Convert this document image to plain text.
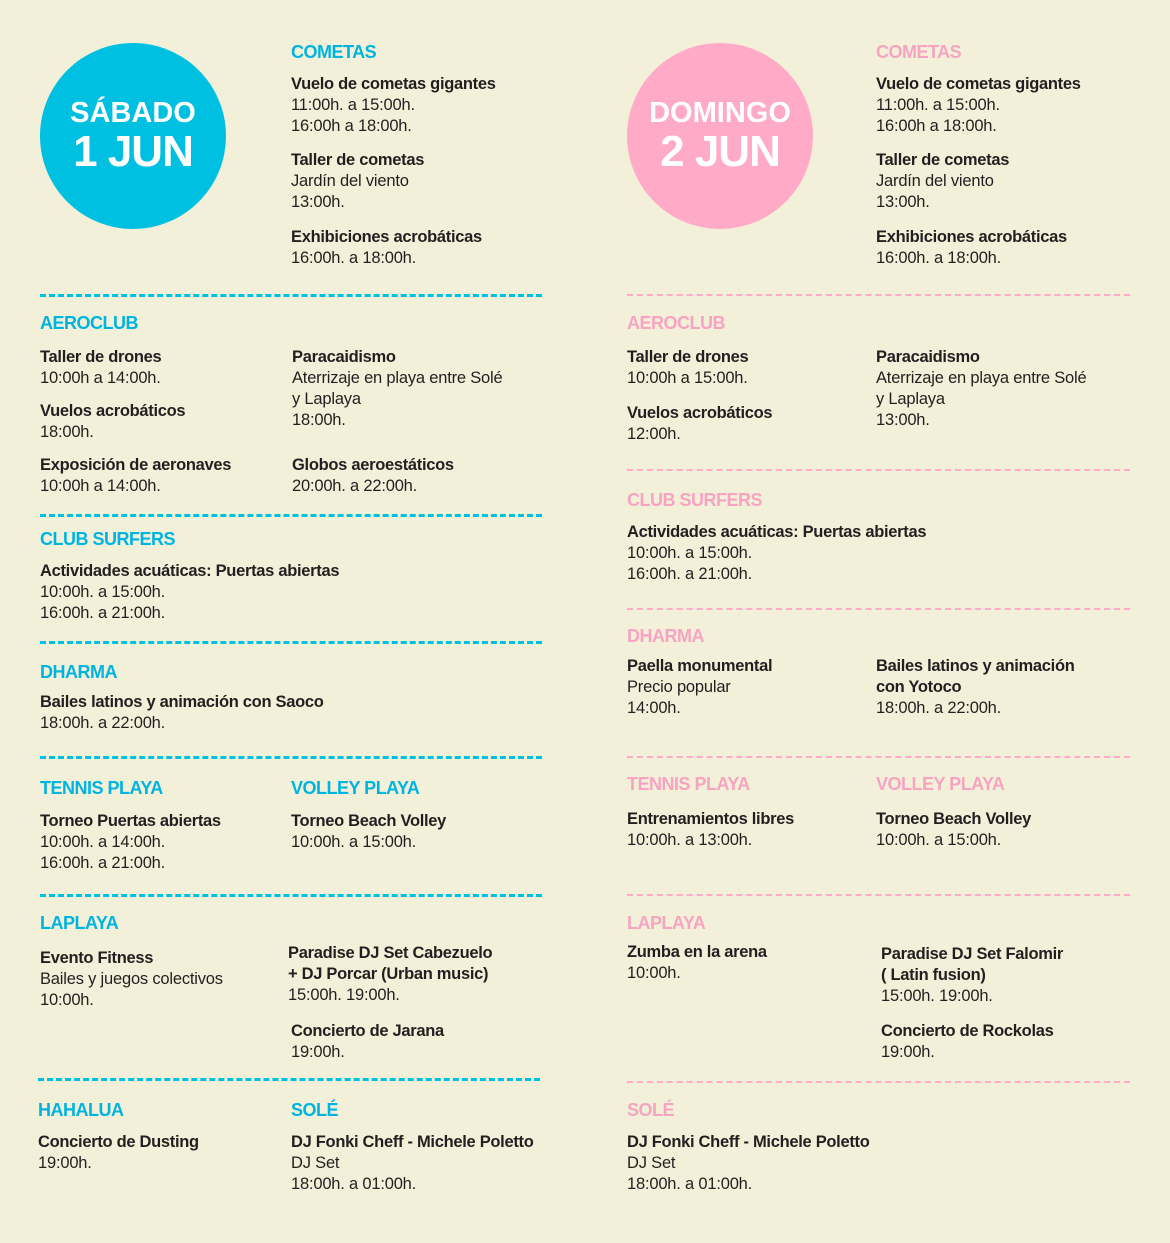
SÁBADO
1 JUN
COMETAS
Vuelo de cometas gigantes
11:00h. a 15:00h.
16:00h a 18:00h.
Taller de cometas
Jardín del viento
13:00h.
Exhibiciones acrobáticas
16:00h. a 18:00h.
AEROCLUB
Taller de drones
10:00h a 14:00h.
Vuelos acrobáticos
18:00h.
Exposición de aeronaves
10:00h a 14:00h.
Paracaidismo
Aterrizaje en playa entre Solé
y Laplaya
18:00h.
Globos aeroestáticos
20:00h. a 22:00h.
CLUB SURFERS
Actividades acuáticas: Puertas abiertas
10:00h. a 15:00h.
16:00h. a 21:00h.
DHARMA
Bailes latinos y animación con Saoco
18:00h. a 22:00h.
TENNIS PLAYA
Torneo Puertas abiertas
10:00h. a 14:00h.
16:00h. a 21:00h.
VOLLEY PLAYA
Torneo Beach Volley
10:00h. a 15:00h.
LAPLAYA
Evento Fitness
Bailes y juegos colectivos
10:00h.
Paradise DJ Set Cabezuelo
+ DJ Porcar (Urban music)
15:00h. 19:00h.
Concierto de Jarana
19:00h.
HAHALUA
Concierto de Dusting
19:00h.
SOLÉ
DJ Fonki Cheff - Michele Poletto
DJ Set
18:00h. a 01:00h.
DOMINGO
2 JUN
COMETAS
Vuelo de cometas gigantes
11:00h. a 15:00h.
16:00h a 18:00h.
Taller de cometas
Jardín del viento
13:00h.
Exhibiciones acrobáticas
16:00h. a 18:00h.
AEROCLUB
Taller de drones
10:00h a 15:00h.
Vuelos acrobáticos
12:00h.
Paracaidismo
Aterrizaje en playa entre Solé
y Laplaya
13:00h.
CLUB SURFERS
Actividades acuáticas: Puertas abiertas
10:00h. a 15:00h.
16:00h. a 21:00h.
DHARMA
Paella monumental
Precio popular
14:00h.
Bailes latinos y animación
con Yotoco
18:00h. a 22:00h.
TENNIS PLAYA
Entrenamientos libres
10:00h. a 13:00h.
VOLLEY PLAYA
Torneo Beach Volley
10:00h. a 15:00h.
LAPLAYA
Zumba en la arena
10:00h.
Paradise DJ Set Falomir
( Latin fusion)
15:00h. 19:00h.
Concierto de Rockolas
19:00h.
SOLÉ
DJ Fonki Cheff - Michele Poletto
DJ Set
18:00h. a 01:00h.
